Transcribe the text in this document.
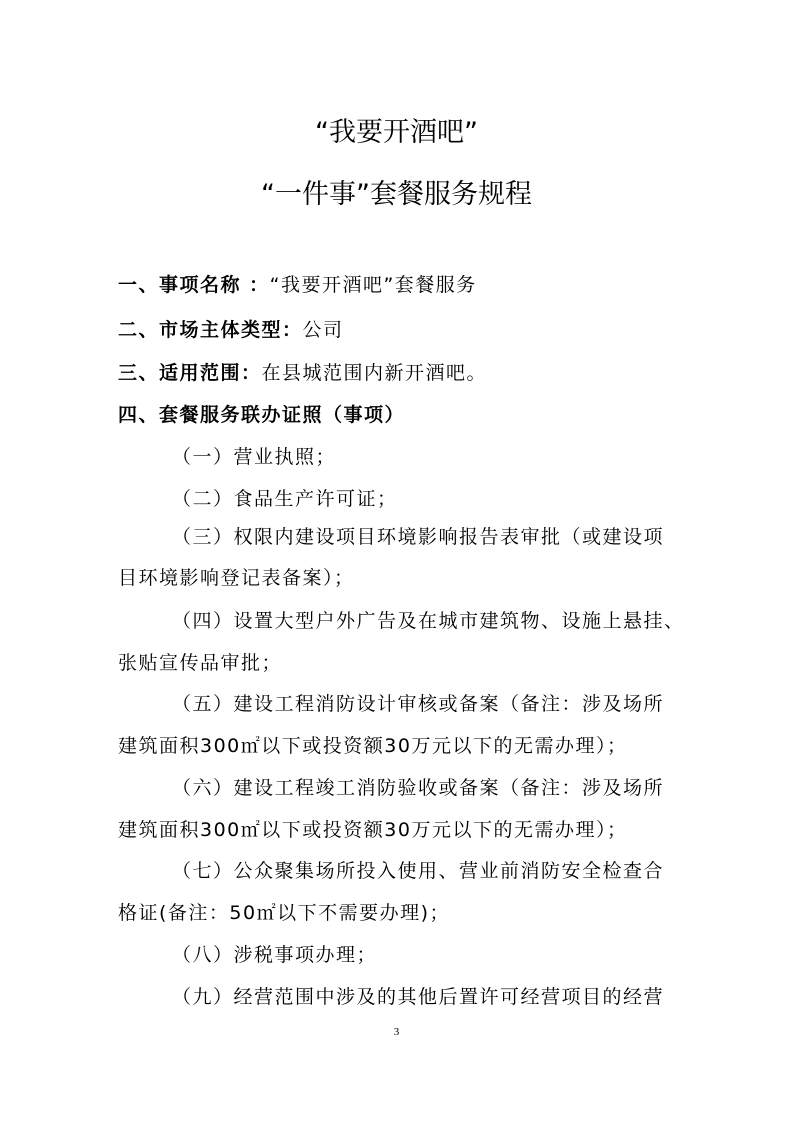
“我要开酒吧”
“一件事”套餐服务规程
一、事项名称 ：“我要开酒吧”套餐服务
二、市场主体类型：公司
三、适用范围：在县城范围内新开酒吧。
四、套餐服务联办证照（事项）
（一）营业执照；
（二）食品生产许可证；
（三）权限内建设项目环境影响报告表审批（或建设项
目环境影响登记表备案）；
（四）设置大型户外广告及在城市建筑物、设施上悬挂、
张贴宣传品审批；
（五）建设工程消防设计审核或备案（备注：涉及场所
建筑面积300㎡以下或投资额30万元以下的无需办理）；
（六）建设工程竣工消防验收或备案（备注：涉及场所
建筑面积300㎡以下或投资额30万元以下的无需办理）；
（七）公众聚集场所投入使用、营业前消防安全检查合
格证(备注：50㎡以下不需要办理)；
（八）涉税事项办理；
（九）经营范围中涉及的其他后置许可经营项目的经营
3
